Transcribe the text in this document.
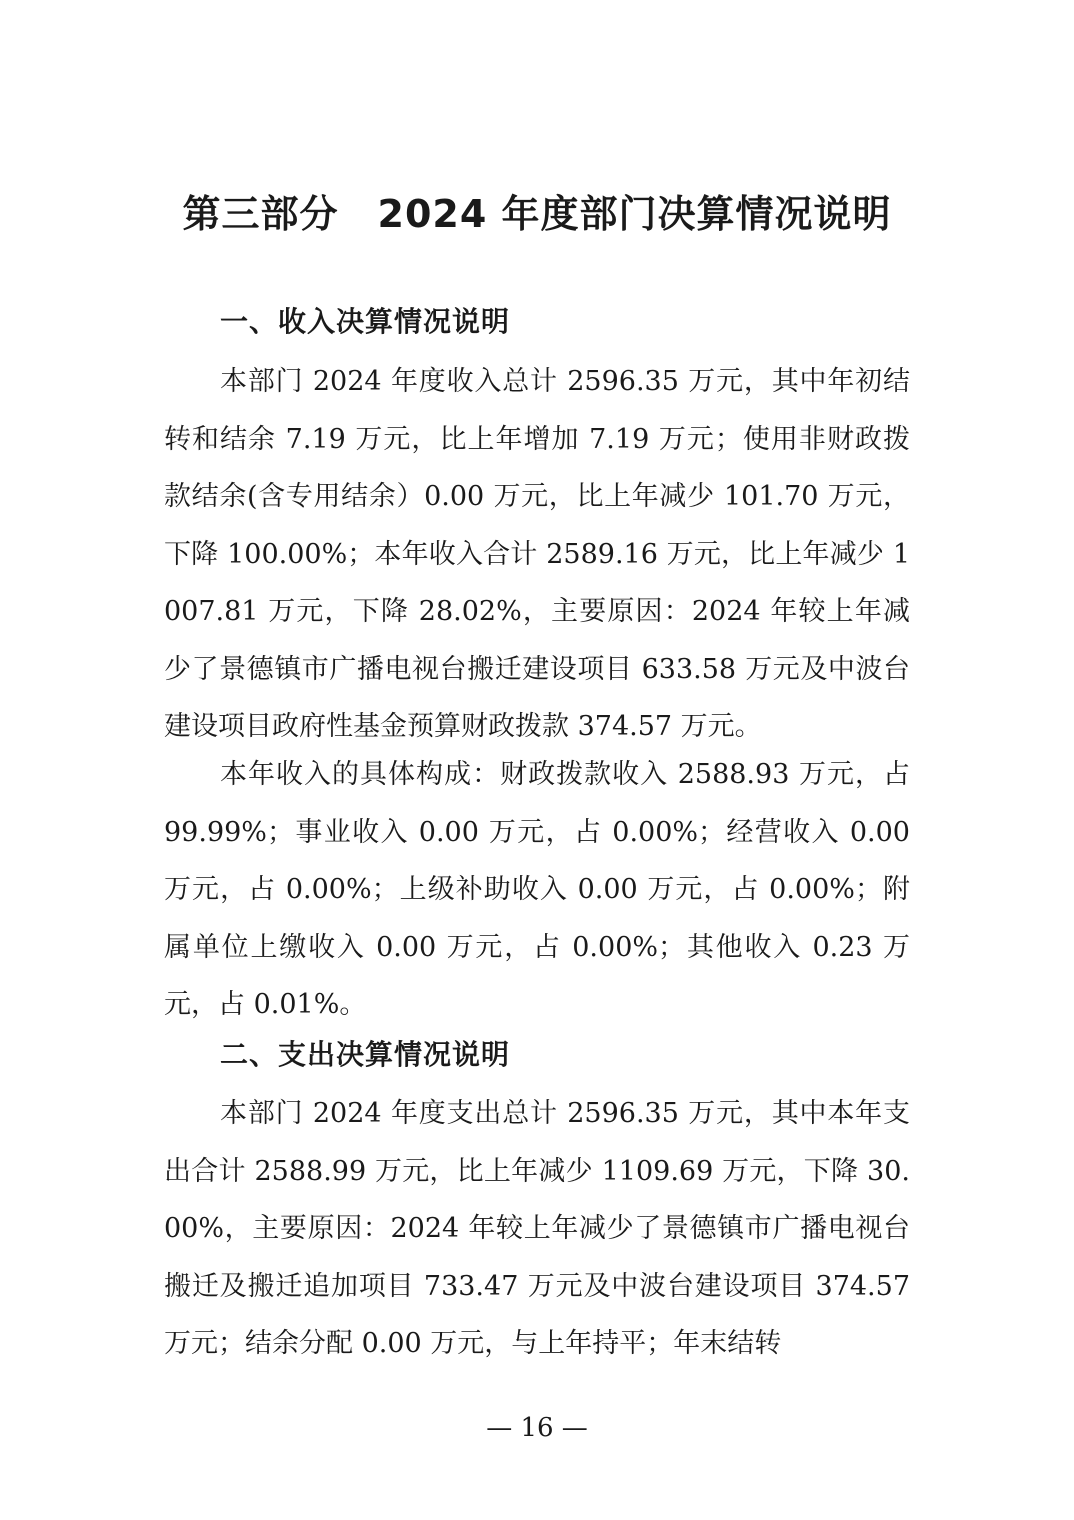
第三部分　2024 年度部门决算情况说明
一、收入决算情况说明

本部门 2024 年度收入总计 2596.35 万元，其中年初结转和结余 7.19 万元，比上年增加 7.19 万元；使用非财政拨款结余(含专用结余）0.00 万元，比上年减少 101.70 万元，下降 100.00%；本年收入合计 2589.16 万元，比上年减少 1007.81 万元，下降 28.02%，主要原因：2024 年较上年减少了景德镇市广播电视台搬迁建设项目 633.58 万元及中波台建设项目政府性基金预算财政拨款 374.57 万元。

本年收入的具体构成：财政拨款收入 2588.93 万元，占 99.99%；事业收入 0.00 万元，占 0.00%；经营收入 0.00 万元，占 0.00%；上级补助收入 0.00 万元，占 0.00%；附属单位上缴收入 0.00 万元，占 0.00%；其他收入 0.23 万元，占 0.01%。

二、支出决算情况说明

本部门 2024 年度支出总计 2596.35 万元，其中本年支出合计 2588.99 万元，比上年减少 1109.69 万元，下降 30.00%，主要原因：2024 年较上年减少了景德镇市广播电视台搬迁及搬迁追加项目 733.47 万元及中波台建设项目 374.57 万元；结余分配 0.00 万元，与上年持平；年末结转

— 16 —
